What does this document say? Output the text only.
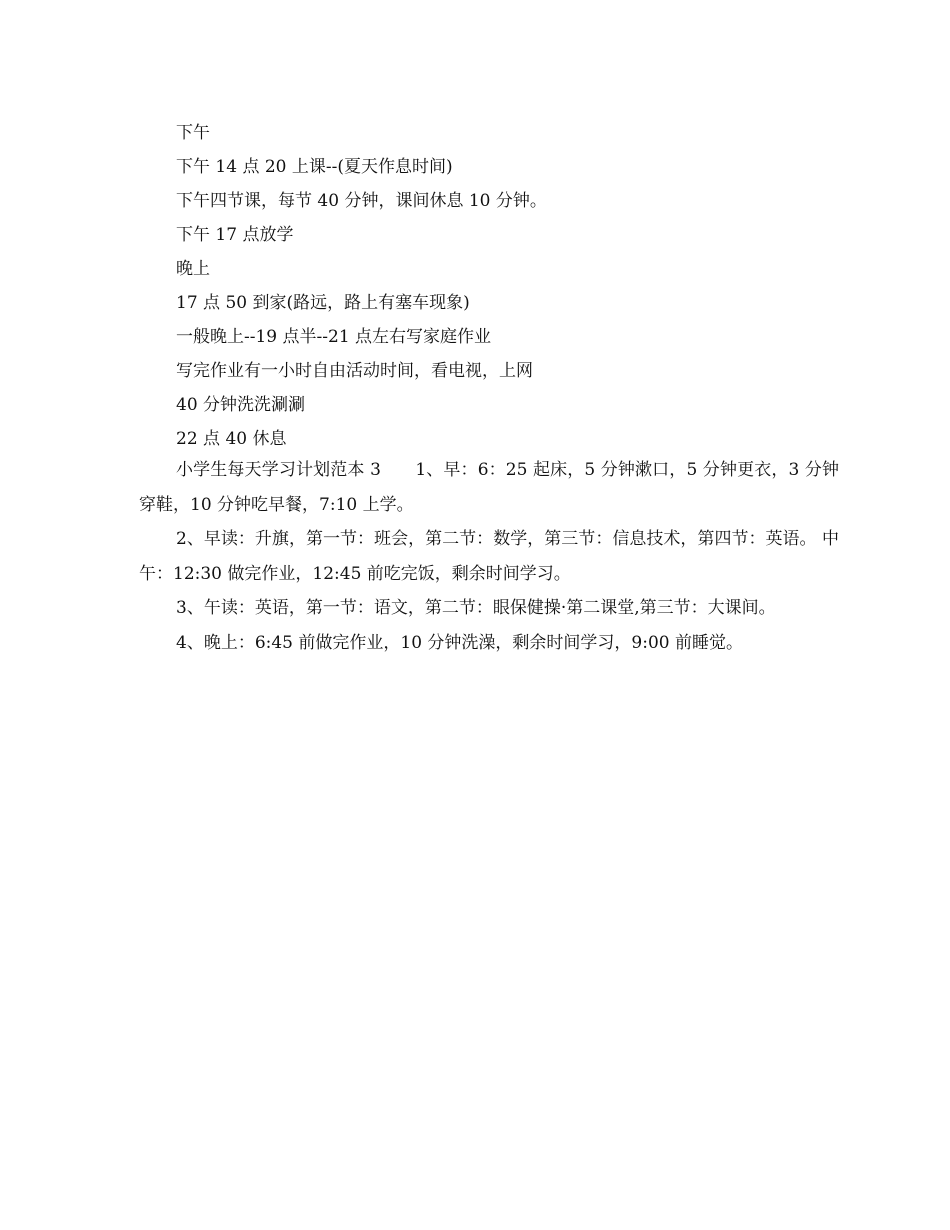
下午
下午 14 点 20 上课--(夏天作息时间)
下午四节课，每节 40 分钟，课间休息 10 分钟。
下午 17 点放学
晚上
17 点 50 到家(路远，路上有塞车现象)
一般晚上--19 点半--21 点左右写家庭作业
写完作业有一小时自由活动时间，看电视，上网
40 分钟洗洗涮涮
22 点 40 休息

小学生每天学习计划范本 3　　1、早：6：25 起床，5 分钟漱口，5 分钟更衣，3 分钟穿鞋，10 分钟吃早餐，7:10 上学。

2、早读：升旗，第一节：班会，第二节：数学，第三节：信息技术，第四节：英语。 中午：12:30 做完作业，12:45 前吃完饭，剩余时间学习。

3、午读：英语，第一节：语文，第二节：眼保健操·第二课堂,第三节：大课间。

4、晚上：6:45 前做完作业，10 分钟洗澡，剩余时间学习，9:00 前睡觉。
